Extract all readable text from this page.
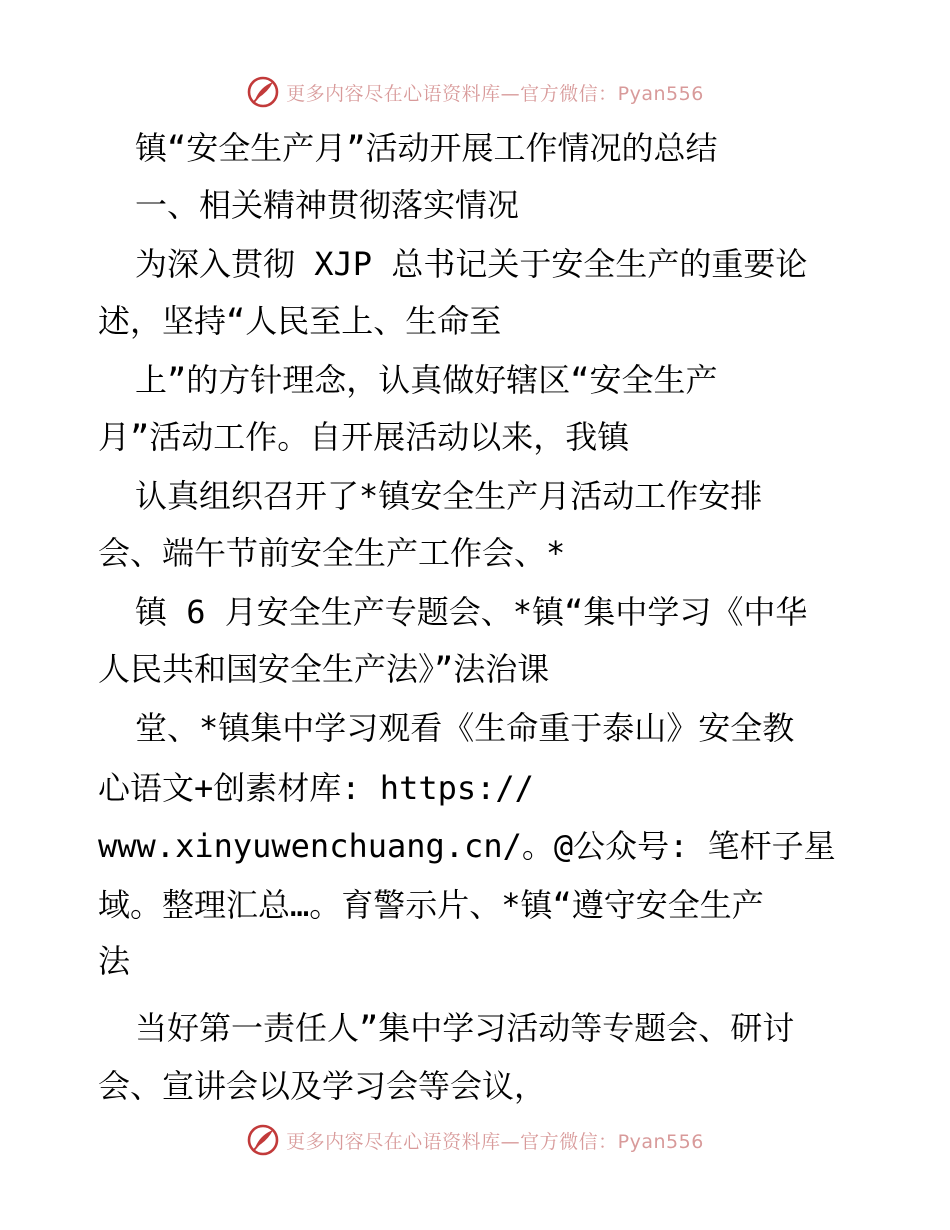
更多内容尽在心语资料库—官方微信：Pyan556
镇“安全生产月”活动开展工作情况的总结
一、相关精神贯彻落实情况
为深入贯彻 XJP 总书记关于安全生产的重要论
述，坚持“人民至上、生命至
上”的方针理念，认真做好辖区“安全生产
月”活动工作。自开展活动以来，我镇
认真组织召开了*镇安全生产月活动工作安排
会、端午节前安全生产工作会、*
镇 6 月安全生产专题会、*镇“集中学习《中华
人民共和国安全生产法》”法治课
堂、*镇集中学习观看《生命重于泰山》安全教
心语文+创素材库: https://
www.xinyuwenchuang.cn/。@公众号: 笔杆子星
域。整理汇总…。育警示片、*镇“遵守安全生产
法
当好第一责任人”集中学习活动等专题会、研讨
会、宣讲会以及学习会等会议，
更多内容尽在心语资料库—官方微信：Pyan556
